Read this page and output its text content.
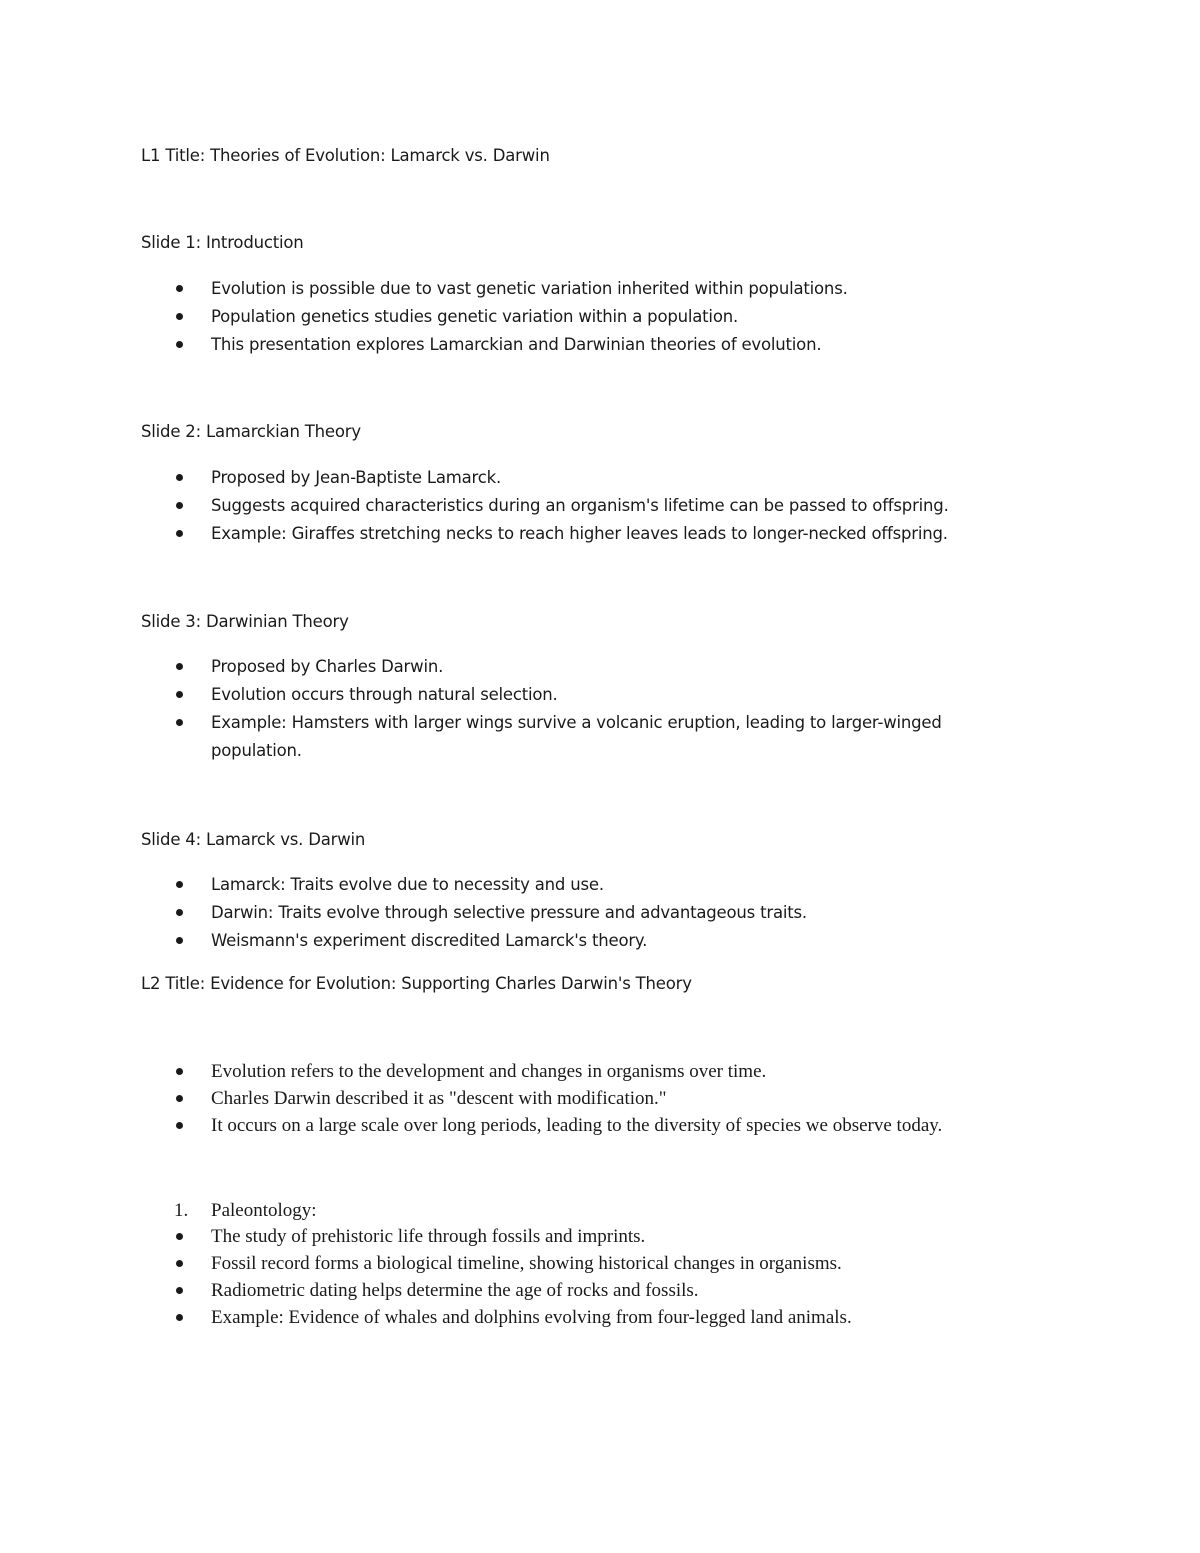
L1 Title: Theories of Evolution: Lamarck vs. Darwin
Slide 1: Introduction
Evolution is possible due to vast genetic variation inherited within populations.
Population genetics studies genetic variation within a population.
This presentation explores Lamarckian and Darwinian theories of evolution.
Slide 2: Lamarckian Theory
Proposed by Jean-Baptiste Lamarck.
Suggests acquired characteristics during an organism's lifetime can be passed to offspring.
Example: Giraffes stretching necks to reach higher leaves leads to longer-necked offspring.
Slide 3: Darwinian Theory
Proposed by Charles Darwin.
Evolution occurs through natural selection.
Example: Hamsters with larger wings survive a volcanic eruption, leading to larger-winged
population.
Slide 4: Lamarck vs. Darwin
Lamarck: Traits evolve due to necessity and use.
Darwin: Traits evolve through selective pressure and advantageous traits.
Weismann's experiment discredited Lamarck's theory.
L2 Title: Evidence for Evolution: Supporting Charles Darwin's Theory
Evolution refers to the development and changes in organisms over time.
Charles Darwin described it as "descent with modification."
It occurs on a large scale over long periods, leading to the diversity of species we observe today.
1. Paleontology:
The study of prehistoric life through fossils and imprints.
Fossil record forms a biological timeline, showing historical changes in organisms.
Radiometric dating helps determine the age of rocks and fossils.
Example: Evidence of whales and dolphins evolving from four-legged land animals.
